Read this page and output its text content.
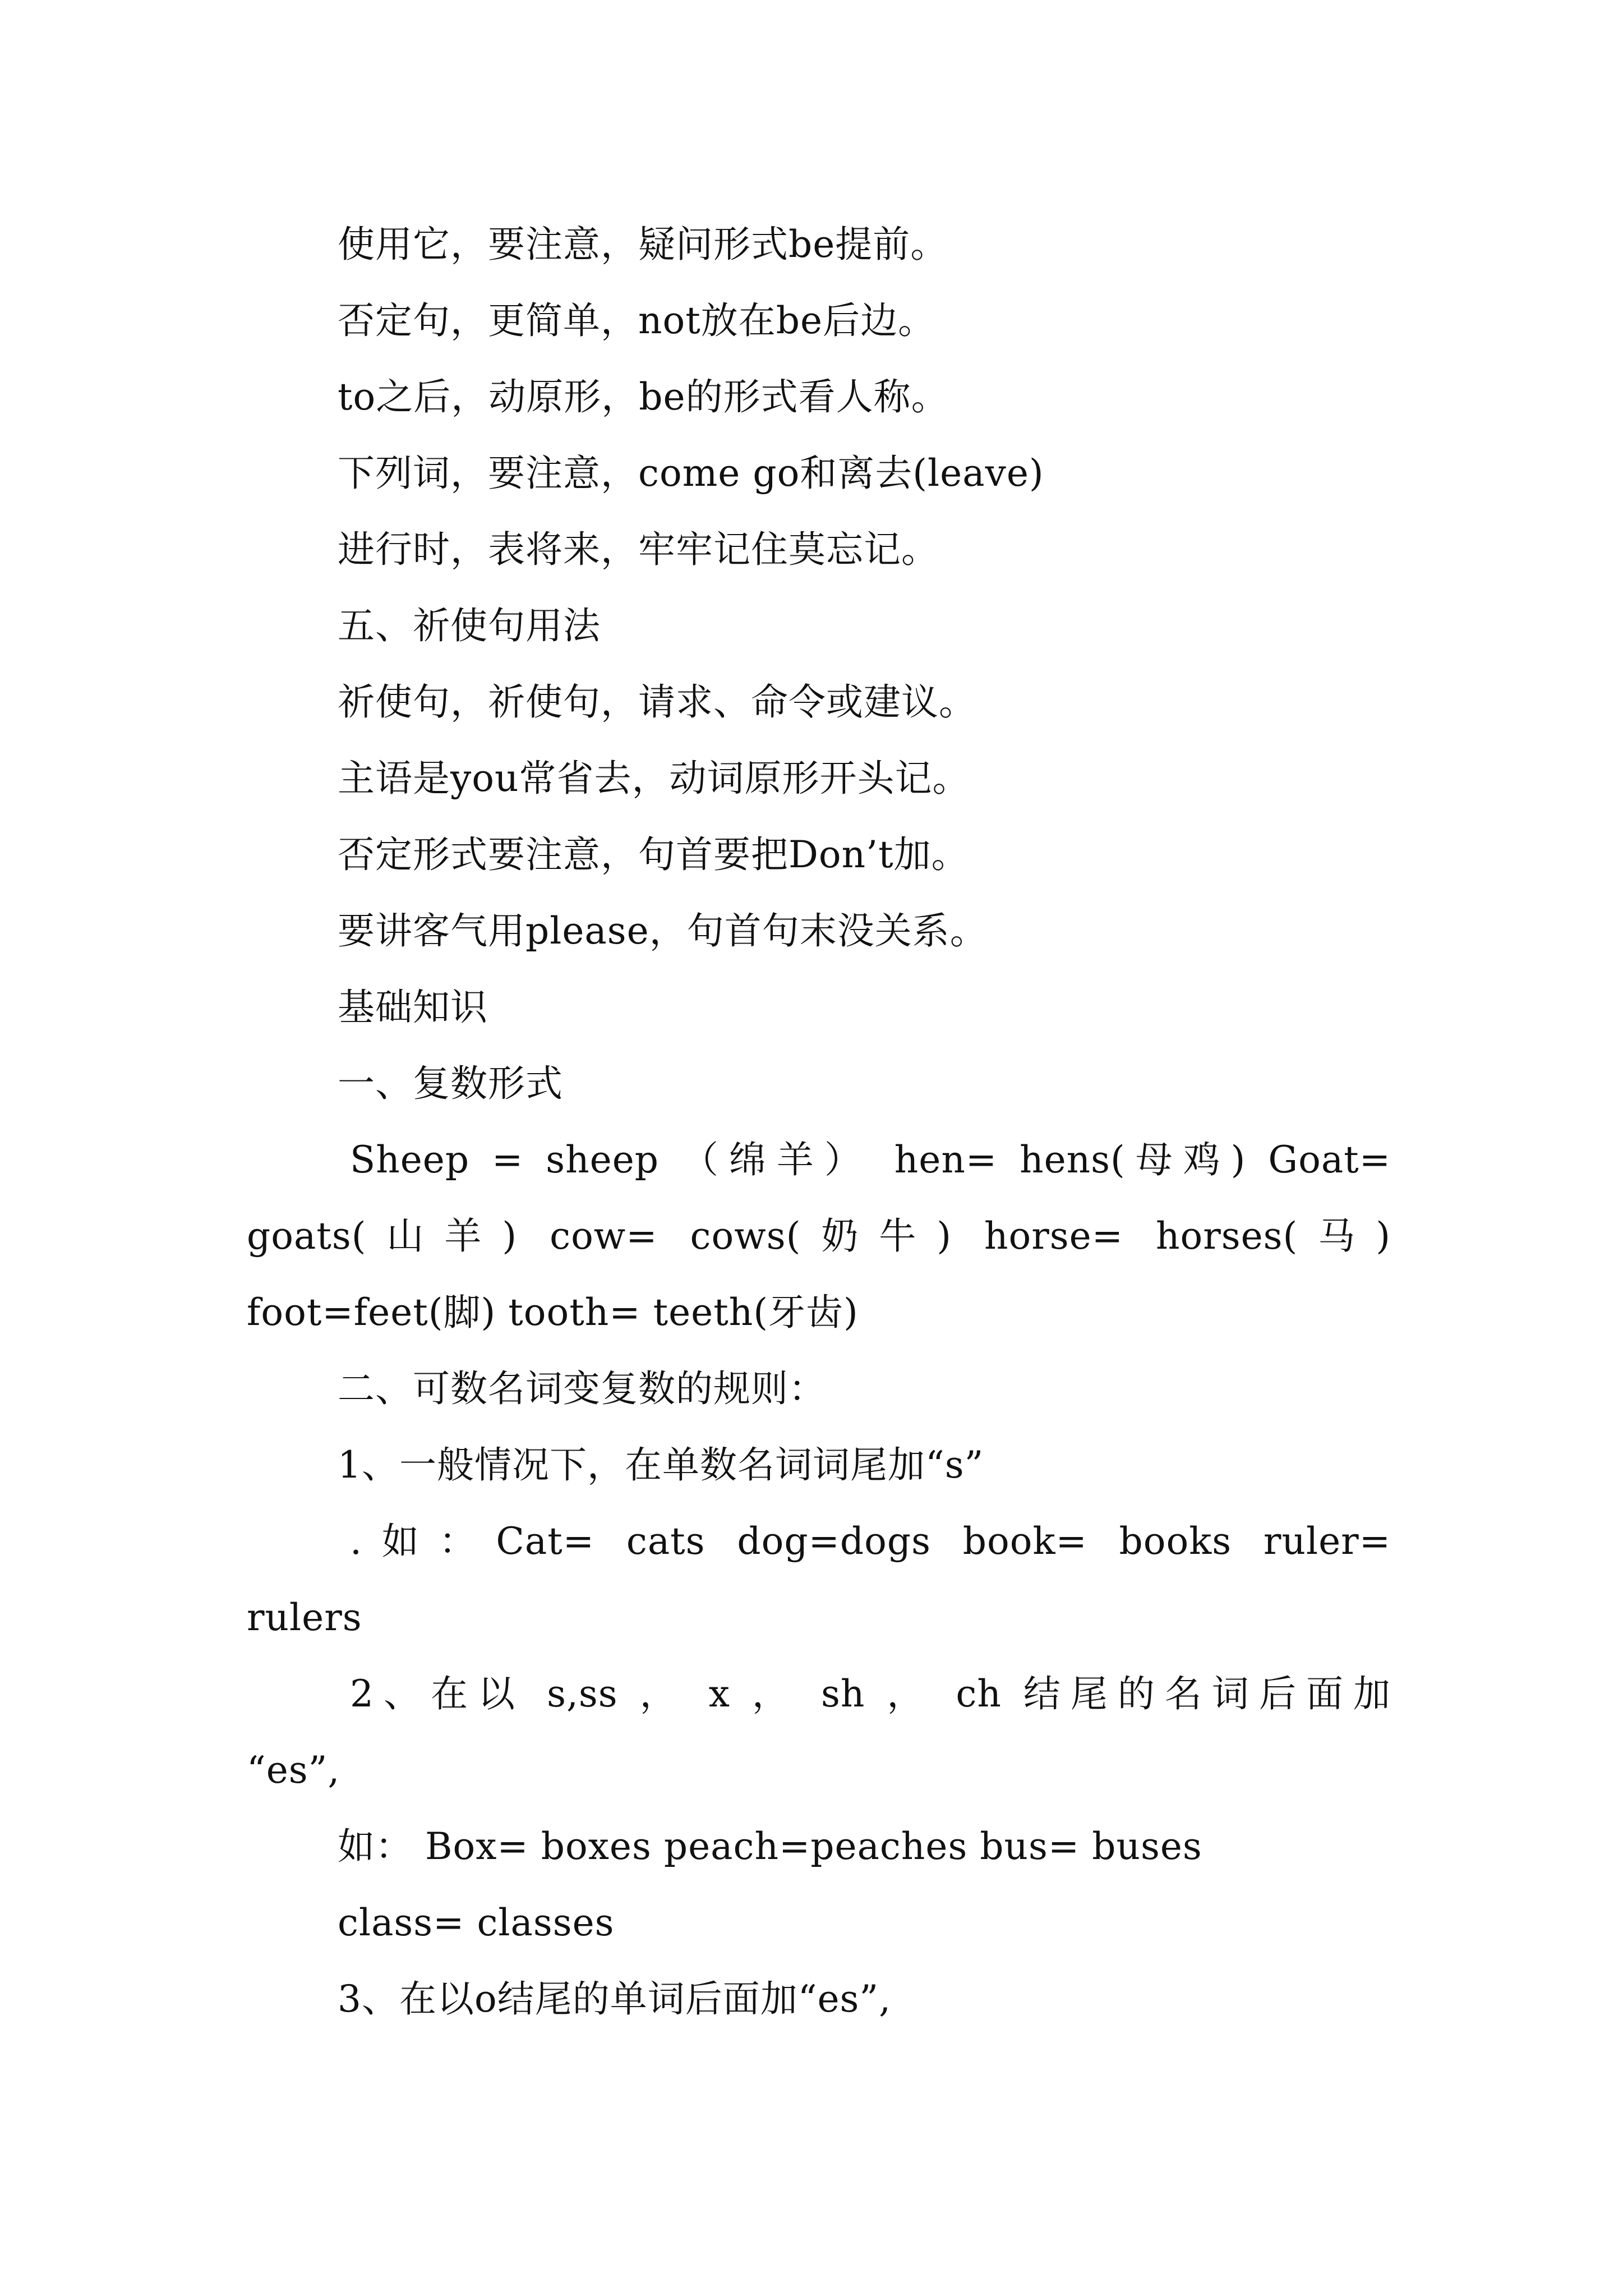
使用它，要注意，疑问形式be提前。
否定句，更简单，not放在be后边。
to之后，动原形，be的形式看人称。
下列词，要注意，come go和离去(leave)
进行时，表将来，牢牢记住莫忘记。
五、祈使句用法
祈使句，祈使句，请求、命令或建议。
主语是you常省去，动词原形开头记。
否定形式要注意，句首要把Don’t加。
要讲客气用please，句首句末没关系。
基础知识
一、复数形式
Sheep = sheep （绵羊） hen= hens(母鸡) Goat=
goats(山羊) cow= cows(奶牛) horse= horses(马)
foot=feet(脚) tooth= teeth(牙齿)
二、可数名词变复数的规则：
1、一般情况下，在单数名词词尾加“s”
.如：Cat= cats dog=dogs book= books ruler=
rulers
2、在以 s,ss ， x ， sh ， ch 结尾的名词后面加
“es”,
如： Box= boxes peach=peaches bus= buses
class= classes
3、在以o结尾的单词后面加“es”,
